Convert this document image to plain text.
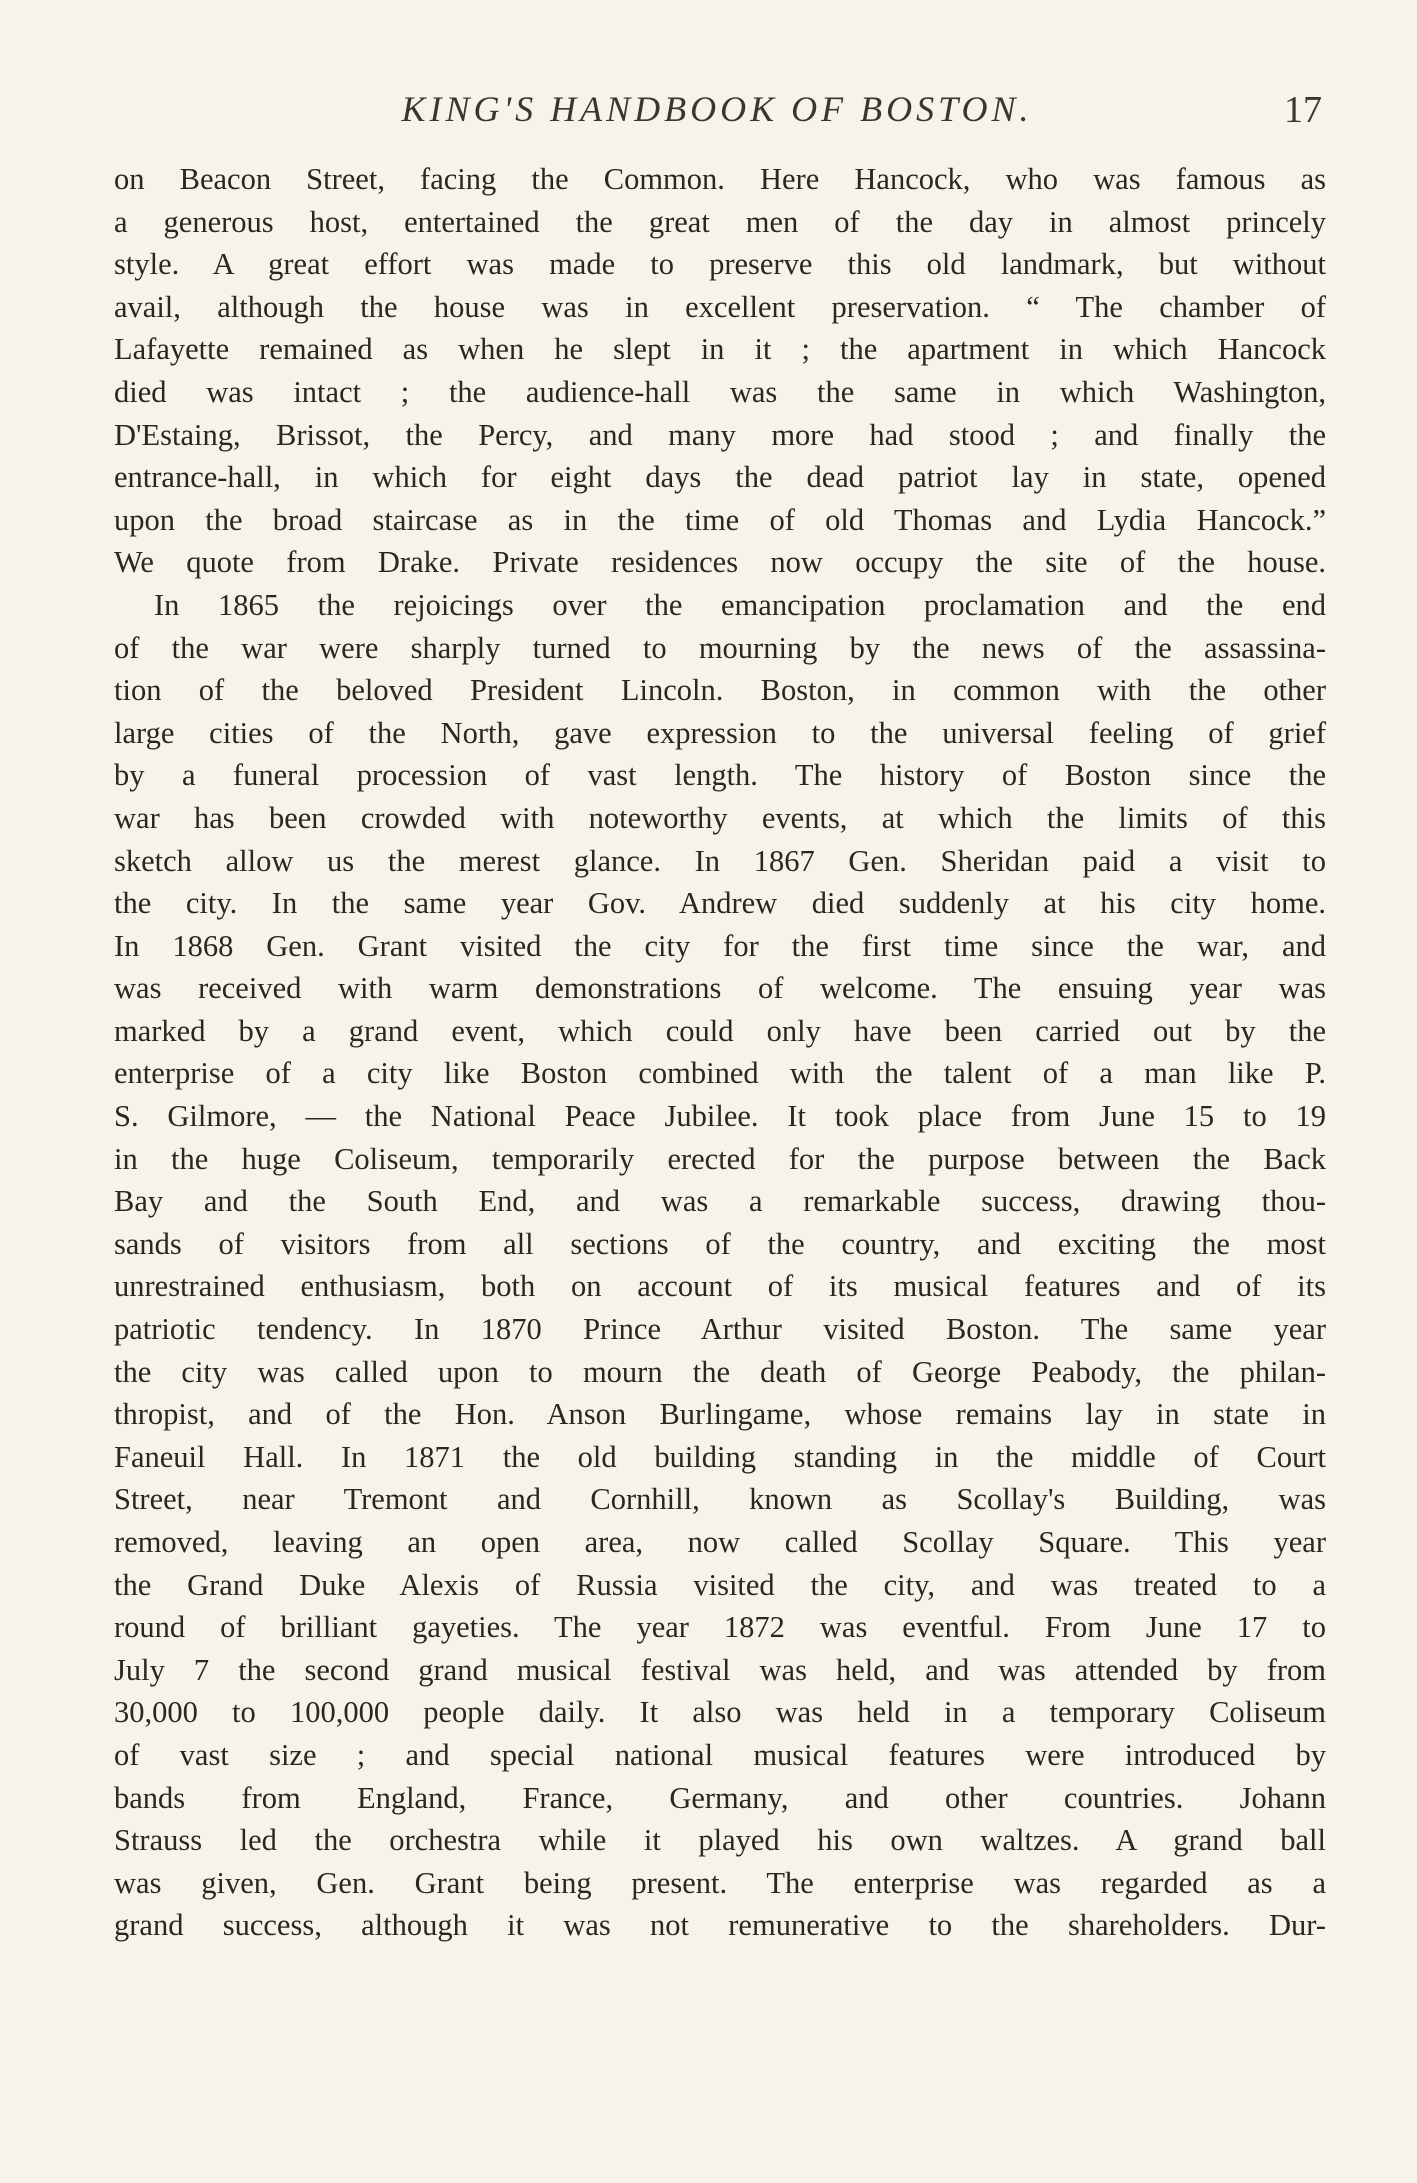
KING'S HANDBOOK OF BOSTON.	17
on Beacon Street, facing the Common. Here Hancock, who was famous as
a generous host, entertained the great men of the day in almost princely
style. A great effort was made to preserve this old landmark, but without
avail, although the house was in excellent preservation. “ The chamber of
Lafayette remained as when he slept in it ; the apartment in which Hancock
died was intact ; the audience-hall was the same in which Washington,
D'Estaing, Brissot, the Percy, and many more had stood ; and finally the
entrance-hall, in which for eight days the dead patriot lay in state, opened
upon the broad staircase as in the time of old Thomas and Lydia Hancock.”
We quote from Drake. Private residences now occupy the site of the house.
In 1865 the rejoicings over the emancipation proclamation and the end
of the war were sharply turned to mourning by the news of the assassina-
tion of the beloved President Lincoln. Boston, in common with the other
large cities of the North, gave expression to the universal feeling of grief
by a funeral procession of vast length. The history of Boston since the
war has been crowded with noteworthy events, at which the limits of this
sketch allow us the merest glance. In 1867 Gen. Sheridan paid a visit to
the city. In the same year Gov. Andrew died suddenly at his city home.
In 1868 Gen. Grant visited the city for the first time since the war, and
was received with warm demonstrations of welcome. The ensuing year was
marked by a grand event, which could only have been carried out by the
enterprise of a city like Boston combined with the talent of a man like P.
S. Gilmore, — the National Peace Jubilee. It took place from June 15 to 19
in the huge Coliseum, temporarily erected for the purpose between the Back
Bay and the South End, and was a remarkable success, drawing thou-
sands of visitors from all sections of the country, and exciting the most
unrestrained enthusiasm, both on account of its musical features and of its
patriotic tendency. In 1870 Prince Arthur visited Boston. The same year
the city was called upon to mourn the death of George Peabody, the philan-
thropist, and of the Hon. Anson Burlingame, whose remains lay in state in
Faneuil Hall. In 1871 the old building standing in the middle of Court
Street, near Tremont and Cornhill, known as Scollay's Building, was
removed, leaving an open area, now called Scollay Square. This year
the Grand Duke Alexis of Russia visited the city, and was treated to a
round of brilliant gayeties. The year 1872 was eventful. From June 17 to
July 7 the second grand musical festival was held, and was attended by from
30,000 to 100,000 people daily. It also was held in a temporary Coliseum
of vast size ; and special national musical features were introduced by
bands from England, France, Germany, and other countries. Johann
Strauss led the orchestra while it played his own waltzes. A grand ball
was given, Gen. Grant being present. The enterprise was regarded as a
grand success, although it was not remunerative to the shareholders. Dur-
